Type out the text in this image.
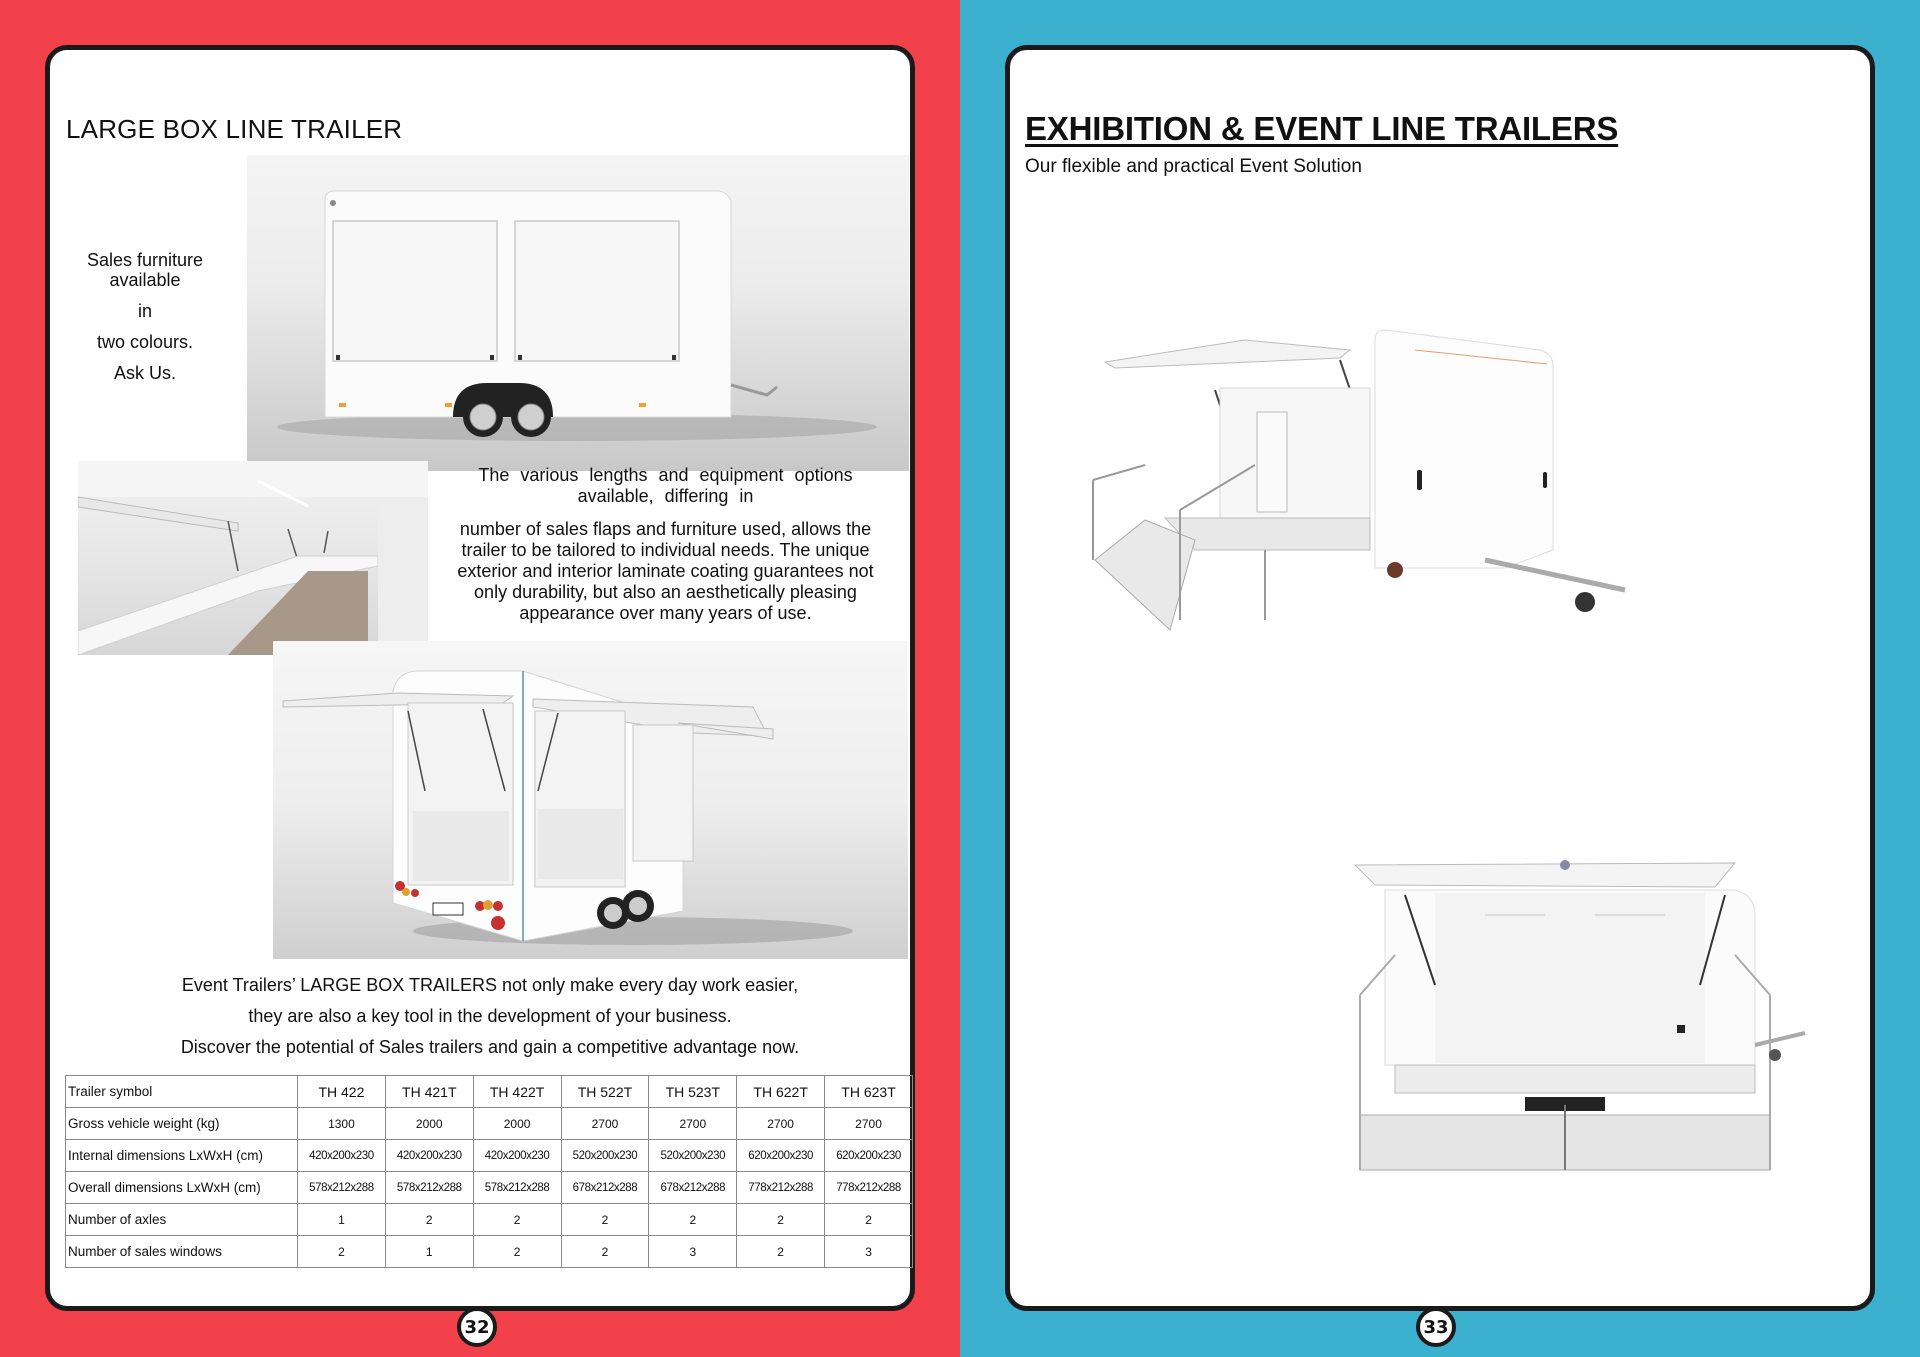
LARGE BOX LINE TRAILER
Sales furniture
available
in
two colours.
Ask Us.
The various lengths and equipment options available, differing in
number of sales flaps and furniture used, allows the trailer to be tailored to individual needs. The unique exterior and interior laminate coating guarantees not only durability, but also an aesthetically pleasing appearance over many years of use.
Event Trailers’ LARGE BOX TRAILERS not only make every day work easier,
they are also a key tool in the development of your business.
Discover the potential of Sales trailers and gain a competitive advantage now.
Trailer symbol	TH 422	TH 421T	TH 422T	TH 522T	TH 523T	TH 622T	TH 623T
Gross vehicle weight (kg)	1300	2000	2000	2700	2700	2700	2700
Internal dimensions LxWxH (cm)	420x200x230	420x200x230	420x200x230	520x200x230	520x200x230	620x200x230	620x200x230
Overall dimensions LxWxH (cm)	578x212x288	578x212x288	578x212x288	678x212x288	678x212x288	778x212x288	778x212x288
Number of axles	1	2	2	2	2	2	2
Number of sales windows	2	1	2	2	3	2	3
32
EXHIBITION & EVENT LINE TRAILERS
Our flexible and practical Event Solution
33
